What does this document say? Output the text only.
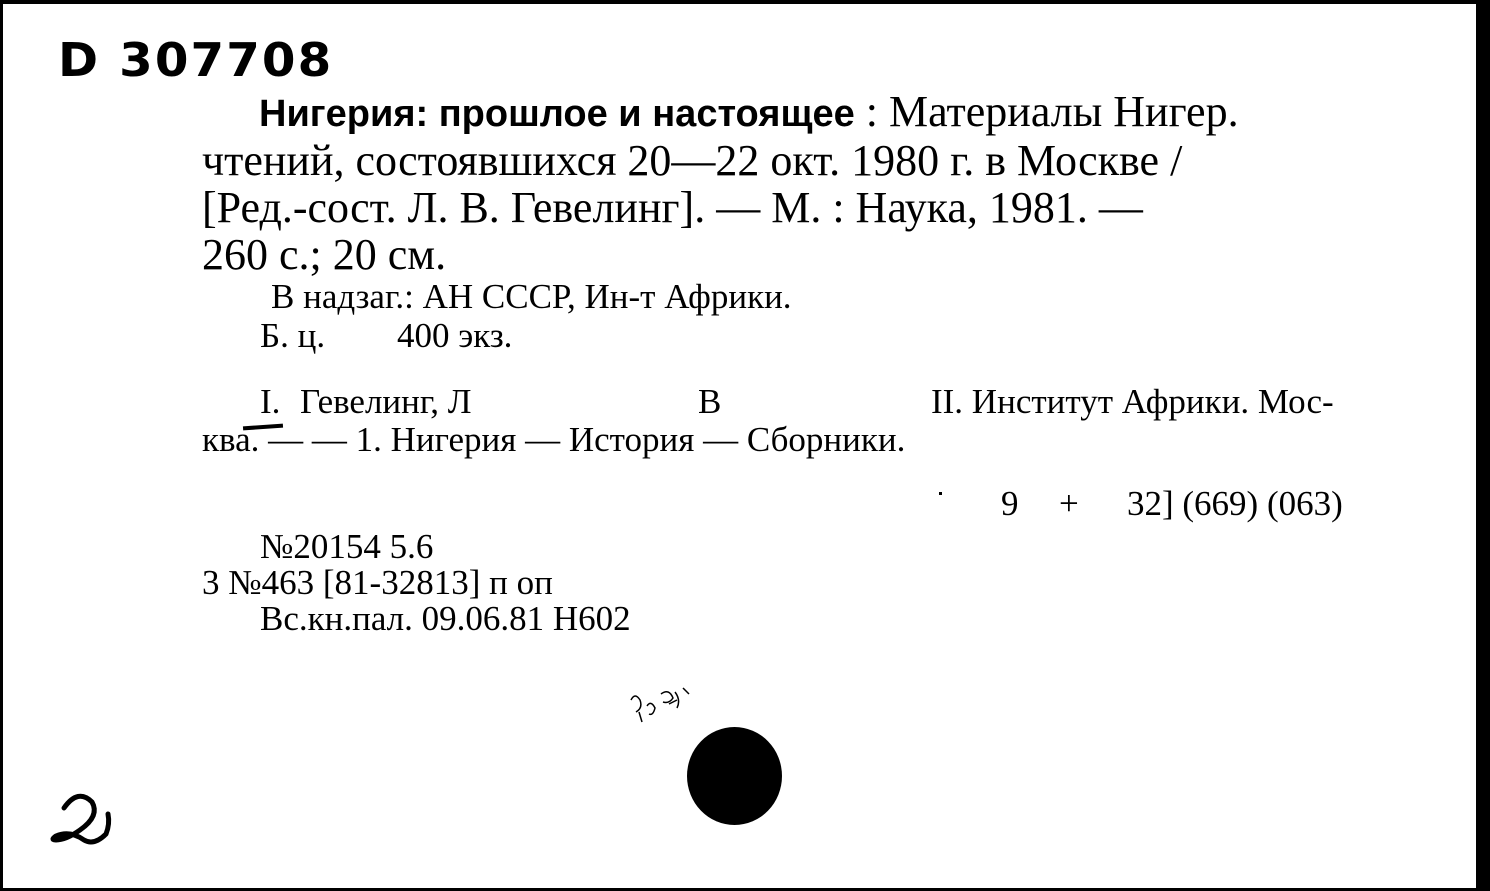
D 307708
Нигерия: прошлое и настоящее : Материалы Нигер.
чтений, состоявшихся 20—22 окт. 1980 г. в Москве /
[Ред.-сост. Л. В. Гевелинг]. — М. : Наука, 1981. —
260 с.; 20 см.
В надзаг.: АН СССР, Ин-т Африки.
Б. ц. 400 экз.
I. Гевелинг, Л	В	II. Институт Африки. Мос-
ква. — — 1. Нигерия — История — Сборники.
9 + 32] (669) (063)
№20154 5.6
3 №463 [81-32813] п оп
Вс.кн.пал. 09.06.81 Н602
